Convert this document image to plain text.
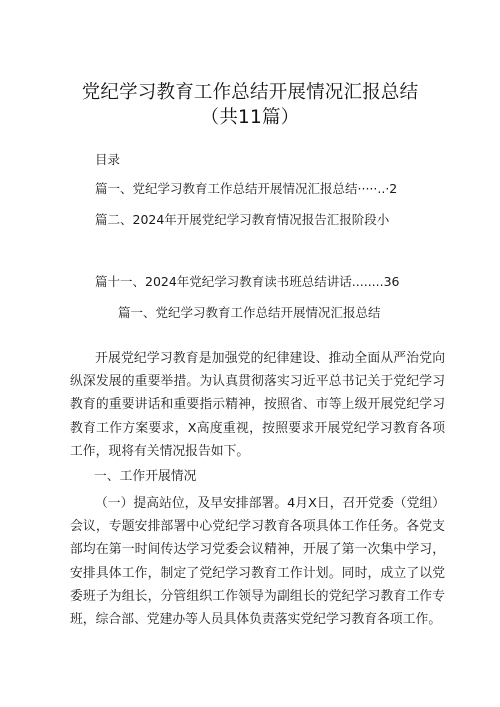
党纪学习教育工作总结开展情况汇报总结
（共11篇）
目录
篇一、党纪学习教育工作总结开展情况汇报总结·····..·2
篇二、2024年开展党纪学习教育情况报告汇报阶段小
篇十一、2024年党纪学习教育读书班总结讲话........36
篇一、党纪学习教育工作总结开展情况汇报总结
开展党纪学习教育是加强党的纪律建设、推动全面从严治党向纵深发展的重要举措。为认真贯彻落实习近平总书记关于党纪学习教育的重要讲话和重要指示精神，按照省、市等上级开展党纪学习教育工作方案要求，X高度重视，按照要求开展党纪学习教育各项工作，现将有关情况报告如下。
一、工作开展情况
（一）提高站位，及早安排部署。4月X日，召开党委（党组）会议，专题安排部署中心党纪学习教育各项具体工作任务。各党支部均在第一时间传达学习党委会议精神，开展了第一次集中学习，安排具体工作，制定了党纪学习教育工作计划。同时，成立了以党委班子为组长，分管组织工作领导为副组长的党纪学习教育工作专班，综合部、党建办等人员具体负责落实党纪学习教育各项工作。
